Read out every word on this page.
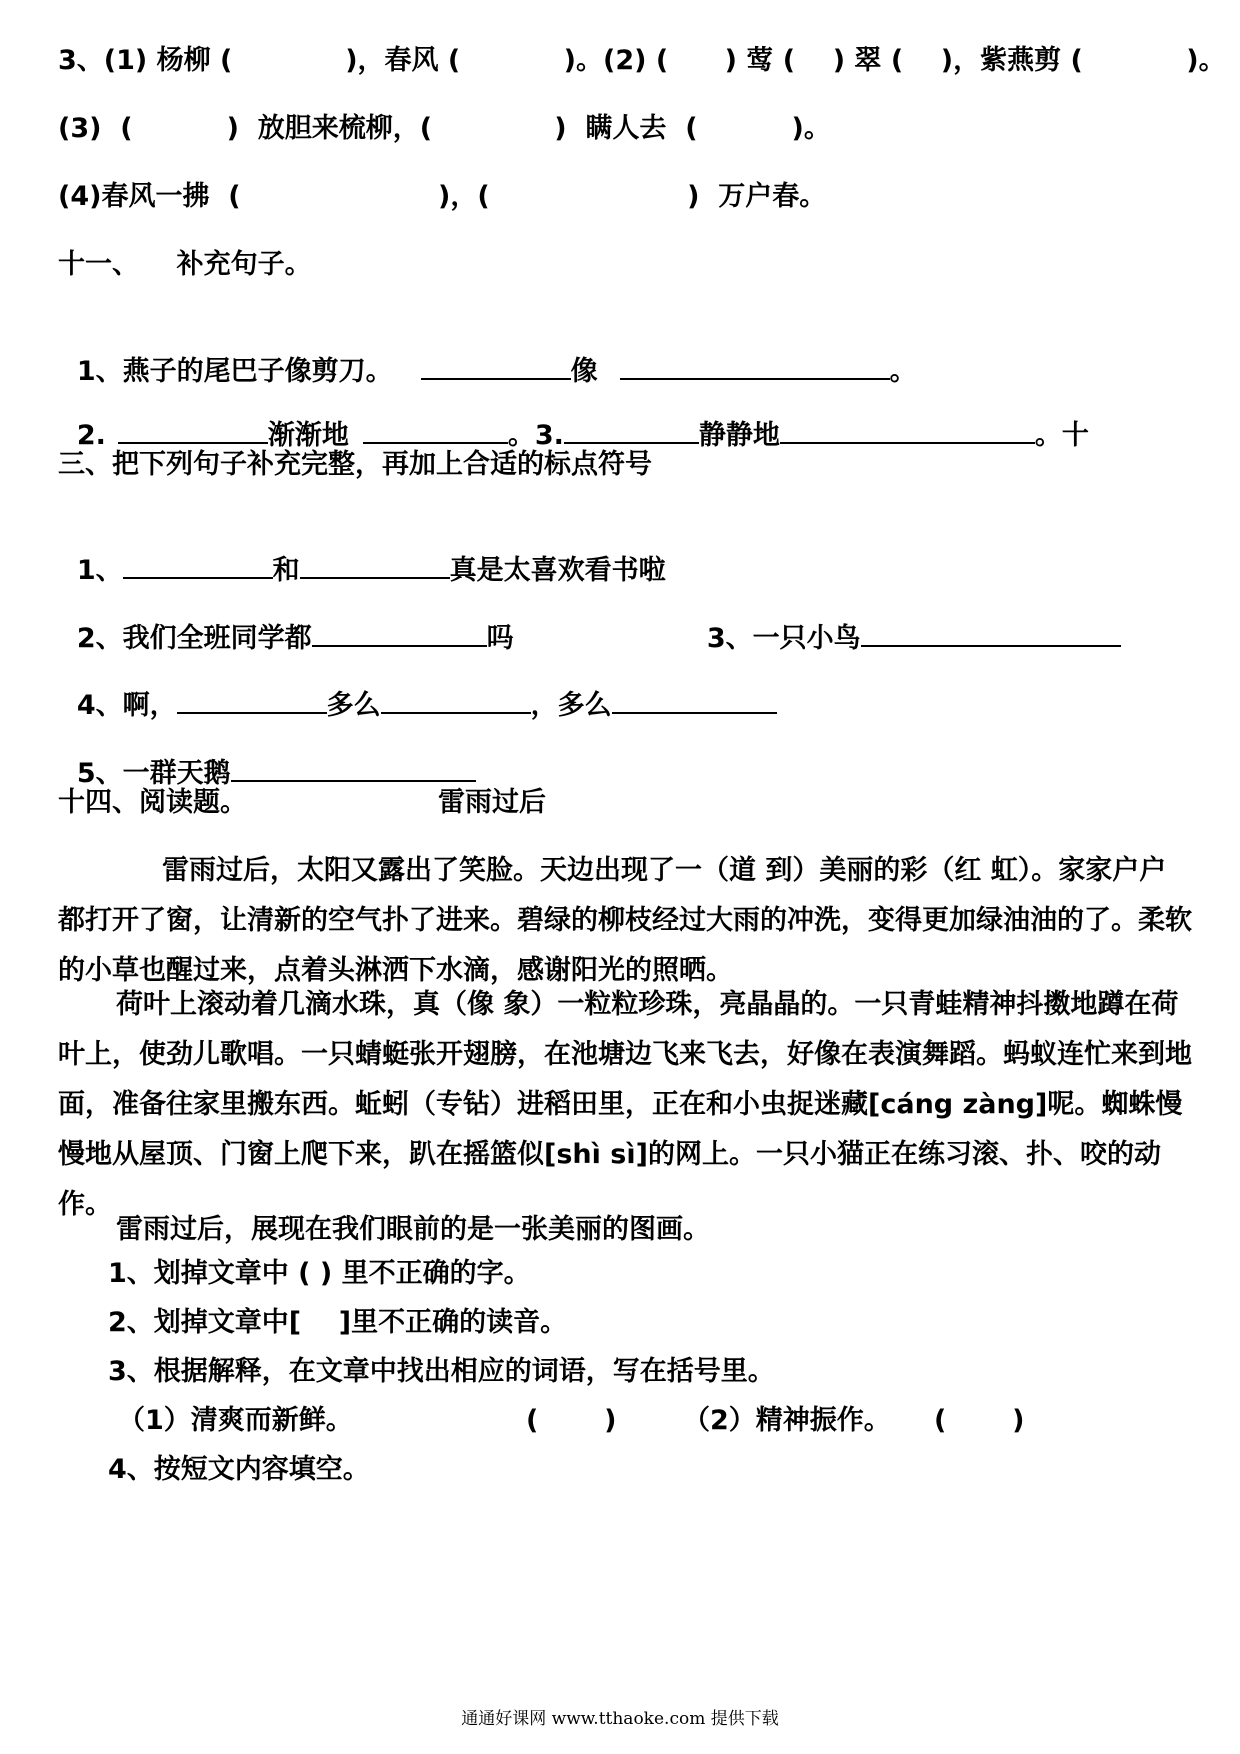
3、(1) 杨柳 (            )，春风 (           )。(2) (      ) 莺 (    ) 翠 (    )，紫燕剪 (           )。
(3)  (          )  放胆来梳柳，(             )  瞒人去  (          )。
(4)春风一拂  (                     )，(                     )  万户春。
十一、    补充句子。

1、燕子的尾巴子像剪刀。	像	。

2.	渐渐地	。3.	静静地	。十

三、把下列句子补充完整，再加上合适的标点符号

1、	和	真是太喜欢看书啦

2、我们全班同学都	吗	3、一只小鸟

4、啊，	多么	，多么

5、一群天鹅

十四、阅读题。	雷雨过后
雷雨过后，太阳又露出了笑脸。天边出现了一（道 到）美丽的彩（红 虹）。家家户户都打开了窗，让清新的空气扑了进来。碧绿的柳枝经过大雨的冲洗，变得更加绿油油的了。柔软的小草也醒过来，点着头淋洒下水滴，感谢阳光的照晒。
荷叶上滚动着几滴水珠，真（像 象）一粒粒珍珠，亮晶晶的。一只青蛙精神抖擞地蹲在荷叶上，使劲儿歌唱。一只蜻蜓张开翅膀，在池塘边飞来飞去，好像在表演舞蹈。蚂蚁连忙来到地面，准备往家里搬东西。蚯蚓（专钻）进稻田里，正在和小虫捉迷藏[cáng zàng]呢。蜘蛛慢慢地从屋顶、门窗上爬下来，趴在摇篮似[shì sì]的网上。一只小猫正在练习滚、扑、咬的动作。
雷雨过后，展现在我们眼前的是一张美丽的图画。
1、划掉文章中 ( ) 里不正确的字。
2、划掉文章中[    ]里不正确的读音。
3、根据解释，在文章中找出相应的词语，写在括号里。
（1）清爽而新鲜。	(       ) （2）精神振作。 (       )
4、按短文内容填空。
通通好课网 www.tthaoke.com 提供下载
